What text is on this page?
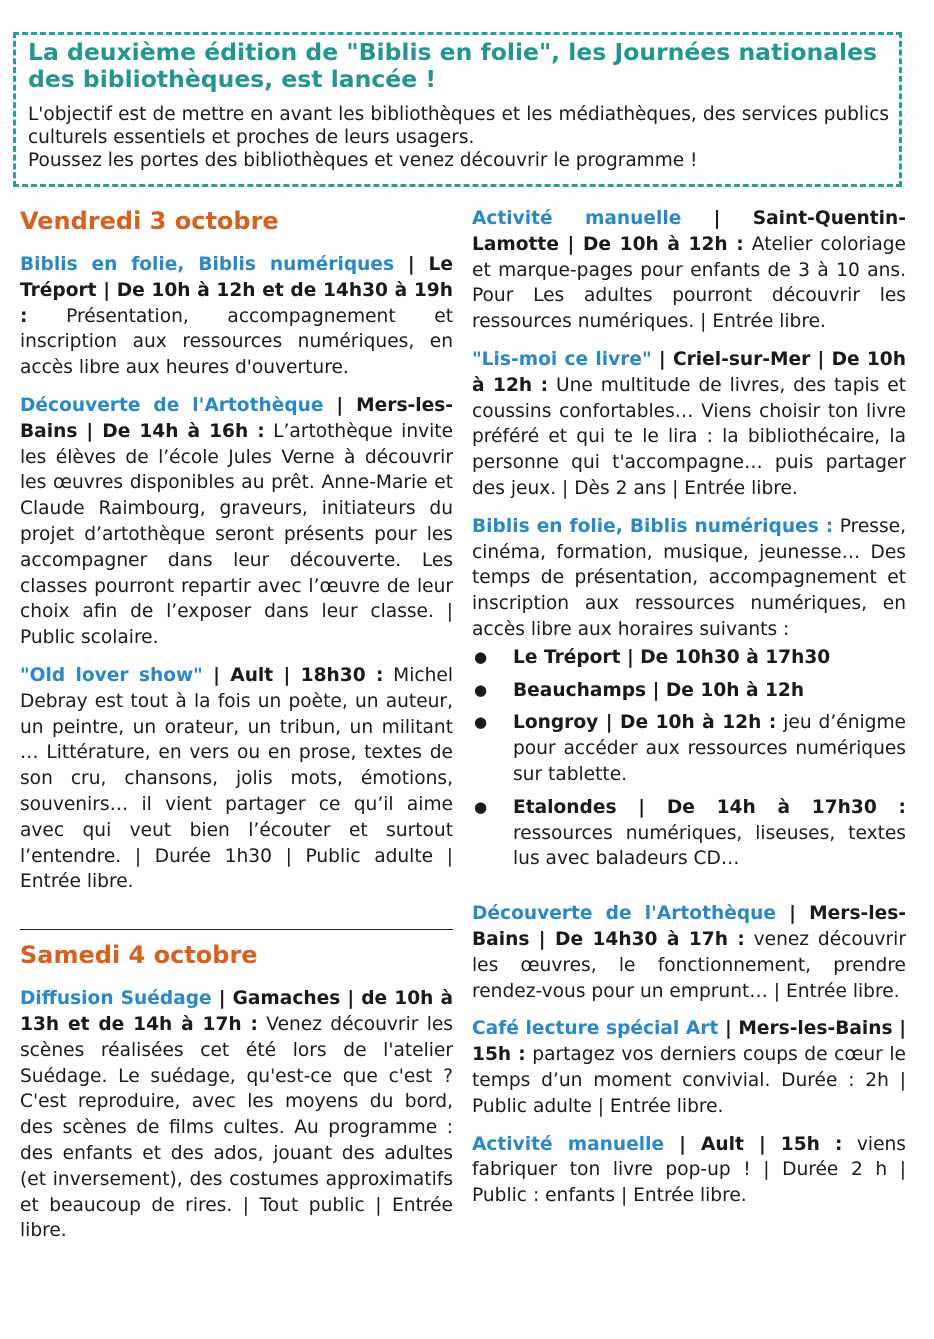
La deuxième édition de "Biblis en folie", les Journées nationales des bibliothèques, est lancée !

L'objectif est de mettre en avant les bibliothèques et les médiathèques, des services publics culturels essentiels et proches de leurs usagers.

Poussez les portes des bibliothèques et venez découvrir le programme !

Vendredi 3 octobre
Biblis en folie, Biblis numériques | Le Tréport | De 10h à 12h et de 14h30 à 19h : Présentation, accompagnement et inscription aux ressources numériques, en accès libre aux heures d'ouverture.
Découverte de l'Artothèque | Mers-les-Bains | De 14h à 16h : L’artothèque invite les élèves de l’école Jules Verne à découvrir les œuvres disponibles au prêt. Anne-Marie et Claude Raimbourg, graveurs, initiateurs du projet d’artothèque seront présents pour les accompagner dans leur découverte. Les classes pourront repartir avec l’œuvre de leur choix afin de l’exposer dans leur classe. | Public scolaire.
"Old lover show" | Ault | 18h30 : Michel Debray est tout à la fois un poète, un auteur, un peintre, un orateur, un tribun, un militant … Littérature, en vers ou en prose, textes de son cru, chansons, jolis mots, émotions, souvenirs… il vient partager ce qu’il aime avec qui veut bien l’écouter et surtout l’entendre. | Durée 1h30 | Public adulte | Entrée libre.
Samedi 4 octobre
Diffusion Suédage | Gamaches | de 10h à 13h et de 14h à 17h : Venez découvrir les scènes réalisées cet été lors de l'atelier Suédage. Le suédage, qu'est-ce que c'est ? C'est reproduire, avec les moyens du bord, des scènes de films cultes. Au programme : des enfants et des ados, jouant des adultes (et inversement), des costumes approximatifs et beaucoup de rires. | Tout public | Entrée libre.
Activité manuelle | Saint-Quentin-Lamotte | De 10h à 12h : Atelier coloriage et marque-pages pour enfants de 3 à 10 ans. Pour Les adultes pourront découvrir les ressources numériques. | Entrée libre.
"Lis-moi ce livre" | Criel-sur-Mer | De 10h à 12h : Une multitude de livres, des tapis et coussins confortables… Viens choisir ton livre préféré et qui te le lira : la bibliothécaire, la personne qui t'accompagne… puis partager des jeux. | Dès 2 ans | Entrée libre.
Biblis en folie, Biblis numériques : Presse, cinéma, formation, musique, jeunesse… Des temps de présentation, accompagnement et inscription aux ressources numériques, en accès libre aux horaires suivants :
● Le Tréport | De 10h30 à 17h30
● Beauchamps | De 10h à 12h
● Longroy | De 10h à 12h : jeu d’énigme pour accéder aux ressources numériques sur tablette.
● Etalondes | De 14h à 17h30 : ressources numériques, liseuses, textes lus avec baladeurs CD…
Découverte de l'Artothèque | Mers-les-Bains | De 14h30 à 17h : venez découvrir les œuvres, le fonctionnement, prendre rendez-vous pour un emprunt… | Entrée libre.
Café lecture spécial Art | Mers-les-Bains | 15h : partagez vos derniers coups de cœur le temps d’un moment convivial. Durée : 2h | Public adulte | Entrée libre.
Activité manuelle | Ault | 15h : viens fabriquer ton livre pop-up ! | Durée 2 h | Public : enfants | Entrée libre.
